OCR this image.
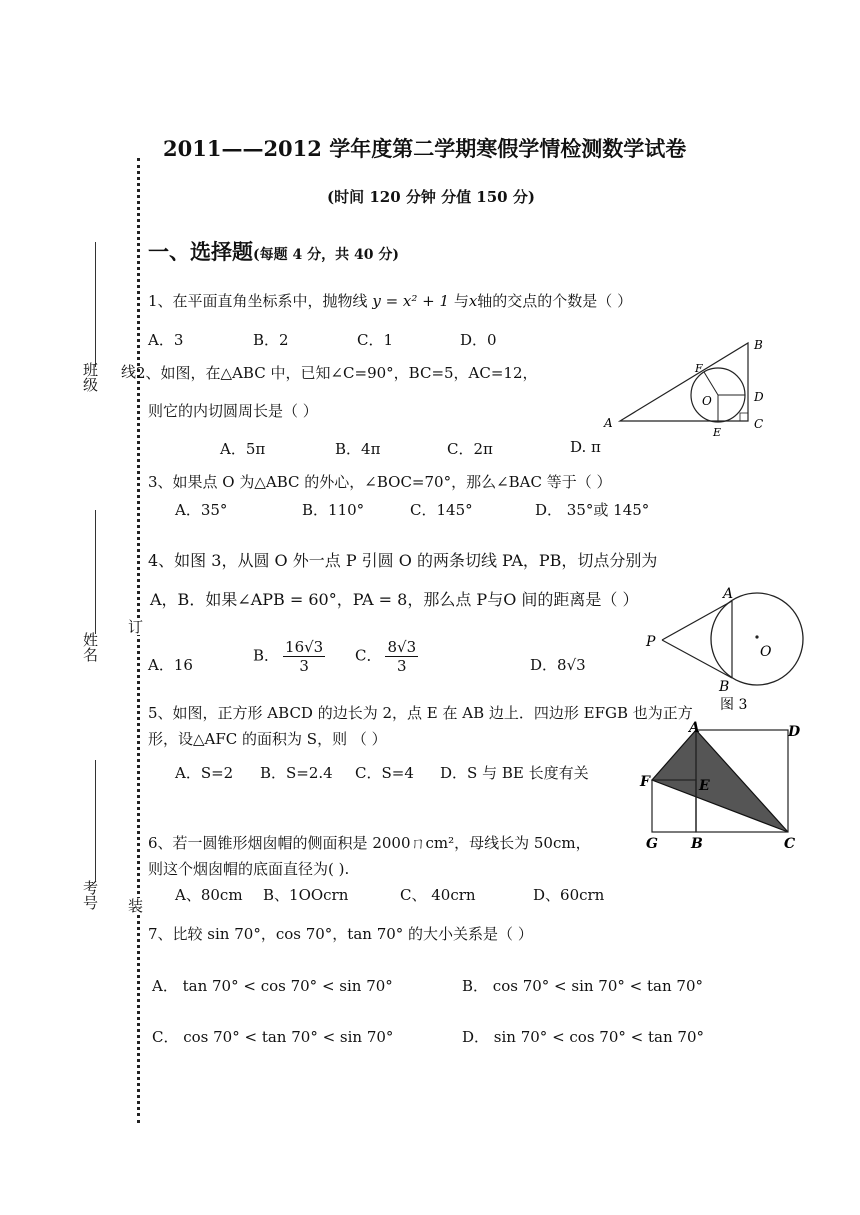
班级
姓名
考号
线
订
装
2011——2012 学年度第二学期寒假学情检测数学试卷
(时间 120 分钟 分值 150 分)
一、选择题(每题 4 分，共 40 分)
1、在平面直角坐标系中，抛物线 y = x² + 1 与x轴的交点的个数是（ ）
A．3	B．2	C．1	D．0
2、如图，在△ABC 中，已知∠C=90°，BC=5，AC=12，
则它的内切圆周长是（ ）
A．5π	B．4π	C．2π	D. π
A
B
C
D
E
F
O
3、如果点 O 为△ABC 的外心，∠BOC=70°，那么∠BAC 等于（ ）
A．35°	B．110°	C．145°	D． 35°或 145°
4、如图 3，从圆 O 外一点 P 引圆 O 的两条切线 PA，PB，切点分别为
A，B．如果∠APB = 60°，PA = 8，那么点 P与O 间的距离是（ ）
A．16
B． $\frac{16√3}{3}$ C． $\frac{8√3}{3}$	D．8√3
A
P
O
B
图 3
5、如图，正方形 ABCD 的边长为 2，点 E 在 AB 边上．四边形 EFGB 也为正方
形，设△AFC 的面积为 S，则 （ ）
A．S=2 B．S=2.4 C．S=4 D．S 与 BE 长度有关
A	D
F	E
G B	C
6、若一圆锥形烟囱帽的侧面积是 2000ㄇcm²，母线长为 50cm，
则这个烟囱帽的底面直径为( ).
A、80cm B、1OOcrn	C、 40crn	D、60crn
7、比较 sin 70°，cos 70°，tan 70° 的大小关系是（ ）
A． tan 70° < cos 70° < sin 70°	B． cos 70° < sin 70° < tan 70°
C． cos 70° < tan 70° < sin 70°	D． sin 70° < cos 70° < tan 70°
